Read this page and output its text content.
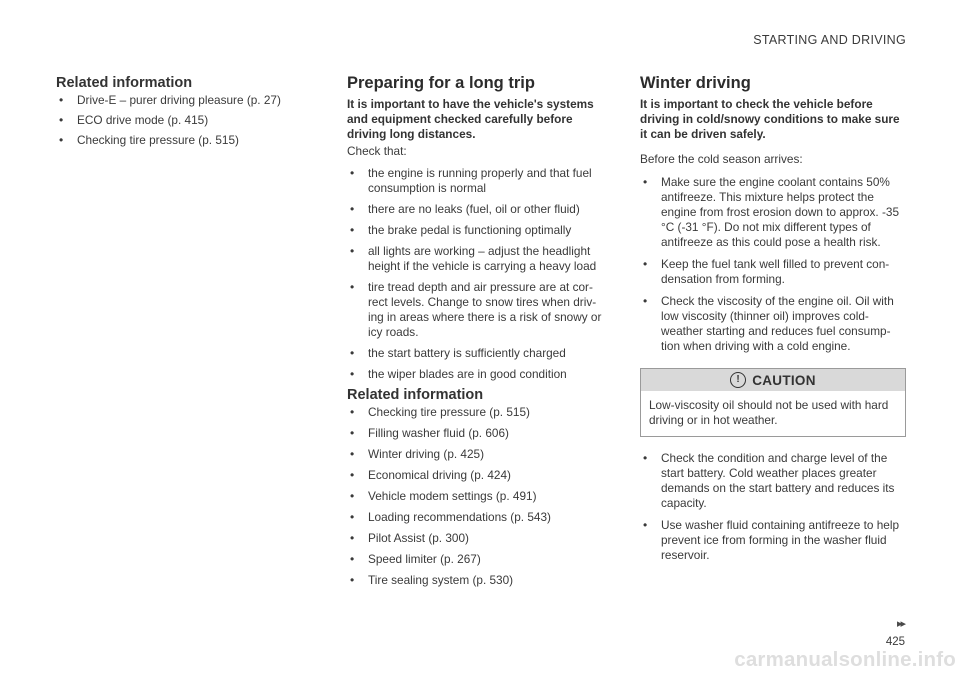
STARTING AND DRIVING
Related information
• Drive-E – purer driving pleasure (p. 27)
• ECO drive mode (p. 415)
• Checking tire pressure (p. 515)
Preparing for a long trip
It is important to have the vehicle's systems and equipment checked carefully before driving long distances.
Check that:
• the engine is running properly and that fuel consumption is normal
• there are no leaks (fuel, oil or other fluid)
• the brake pedal is functioning optimally
• all lights are working – adjust the headlight height if the vehicle is carrying a heavy load
• tire tread depth and air pressure are at cor-rect levels. Change to snow tires when driv-ing in areas where there is a risk of snowy or icy roads.
• the start battery is sufficiently charged
• the wiper blades are in good condition
Related information
• Checking tire pressure (p. 515)
• Filling washer fluid (p. 606)
• Winter driving (p. 425)
• Economical driving (p. 424)
• Vehicle modem settings (p. 491)
• Loading recommendations (p. 543)
• Pilot Assist (p. 300)
• Speed limiter (p. 267)
• Tire sealing system (p. 530)
Winter driving
It is important to check the vehicle before driving in cold/snowy conditions to make sure it can be driven safely.
Before the cold season arrives:
• Make sure the engine coolant contains 50% antifreeze. This mixture helps protect the engine from frost erosion down to approx. -35 °C (-31 °F). Do not mix different types of antifreeze as this could pose a health risk.
• Keep the fuel tank well filled to prevent con-densation from forming.
• Check the viscosity of the engine oil. Oil with low viscosity (thinner oil) improves cold-weather starting and reduces fuel consump-tion when driving with a cold engine.
! CAUTION
Low-viscosity oil should not be used with hard driving or in hot weather.
• Check the condition and charge level of the start battery. Cold weather places greater demands on the start battery and reduces its capacity.
• Use washer fluid containing antifreeze to help prevent ice from forming in the washer fluid reservoir.
▸▸
425
carmanualsonline.info
